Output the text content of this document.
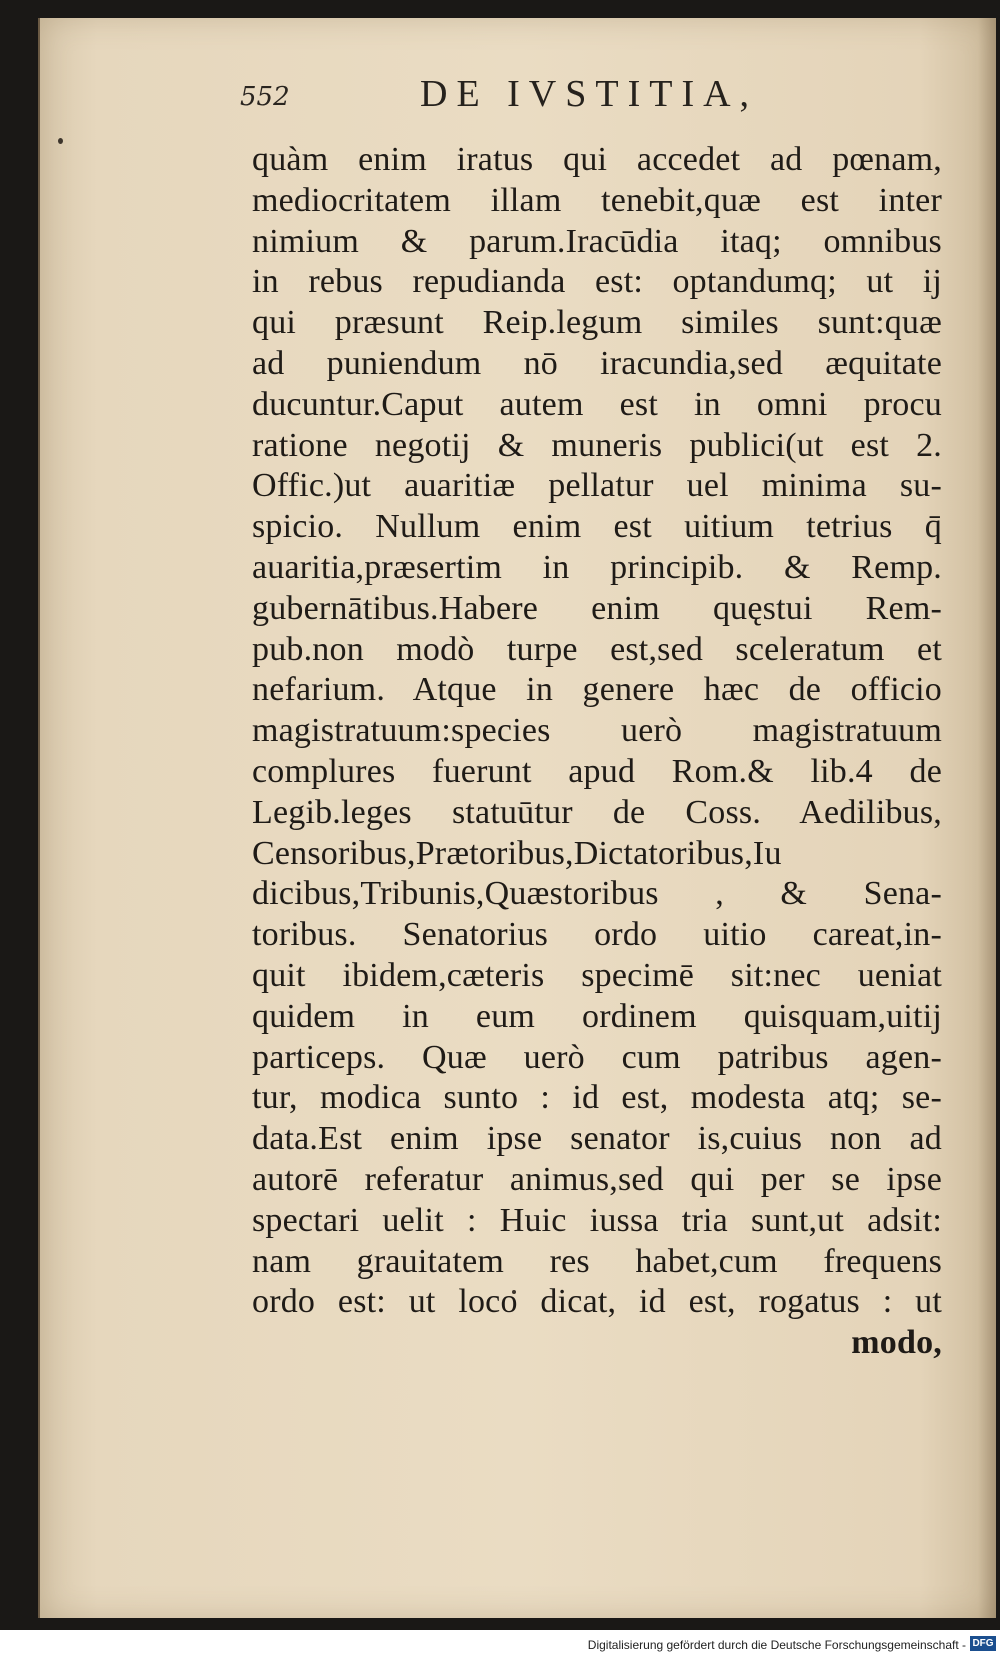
552	DE IVSTITIA,
quàm enim iratus qui accedet ad pœnam,
mediocritatem illam tenebit,quæ est inter
nimium & parum.Iracūdia itaq; omnibus
in rebus repudianda est: optandumq; ut ij
qui præsunt Reip.legum similes sunt:quæ
ad puniendum nō iracundia,sed æquitate
ducuntur.Caput autem est in omni procu
ratione negotij & muneris publici(ut est 2.
Offic.)ut auaritiæ pellatur uel minima su-
spicio. Nullum enim est uitium tetrius q̄
auaritia,præsertim in principib. & Remp.
gubernātibus.Habere enim quęstui Rem-
pub.non modò turpe est,sed sceleratum et
nefarium. Atque in genere hæc de officio
magistratuum:species uerò magistratuum
complures fuerunt apud Rom.& lib.4 de
Legib.leges statuūtur de Coss. Aedilibus,
Censoribus,Prætoribus,Dictatoribus,Iu
dicibus,Tribunis,Quæstoribus , & Sena-
toribus. Senatorius ordo uitio careat,in-
quit ibidem,cæteris specimē sit:nec ueniat
quidem in eum ordinem quisquam,uitij
particeps. Quæ uerò cum patribus agen-
tur, modica sunto : id est, modesta atq; se-
data.Est enim ipse senator is,cuius non ad
autorē referatur animus,sed qui per se ipse
spectari uelit : Huic iussa tria sunt,ut adsit:
nam grauitatem res habet,cum frequens
ordo est: ut loco dicat, id est, rogatus : ut
modo,
Digitalisierung gefördert durch die Deutsche Forschungsgemeinschaft - DFG
